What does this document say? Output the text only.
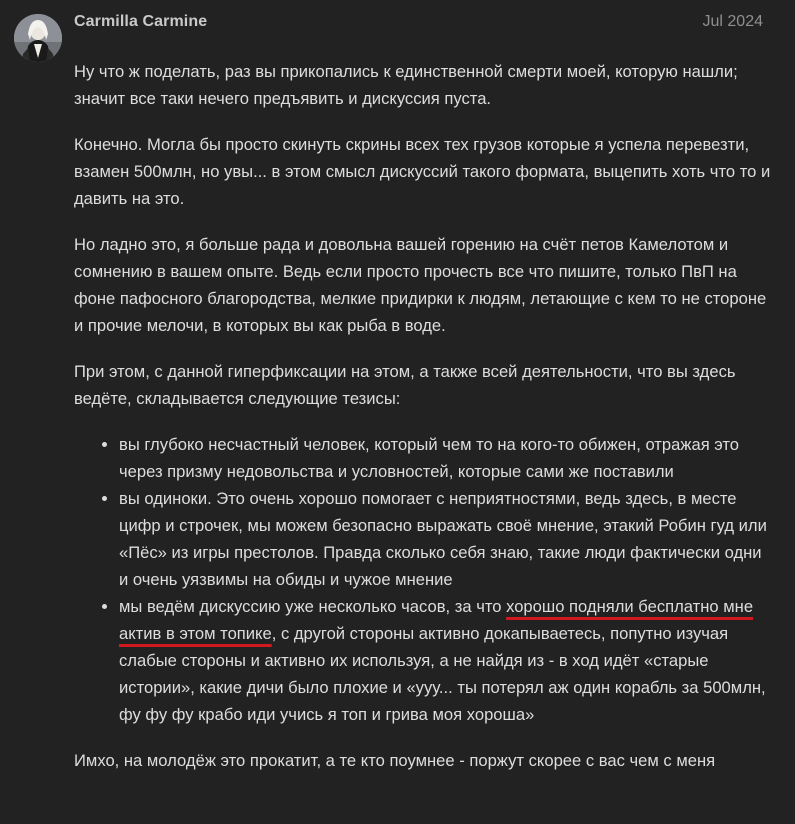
Carmilla Carmine	Jul 2024

Ну что ж поделать, раз вы прикопались к единственной смерти моей, которую нашли; значит все таки нечего предъявить и дискуссия пуста.

Конечно. Могла бы просто скинуть скрины всех тех грузов которые я успела перевезти, взамен 500млн, но увы... в этом смысл дискуссий такого формата, выцепить хоть что то и давить на это.

Но ладно это, я больше рада и довольна вашей горению на счёт петов Камелотом и сомнению в вашем опыте. Ведь если просто прочесть все что пишите, только ПвП на фоне пафосного благородства, мелкие придирки к людям, летающие с кем то не стороне и прочие мелочи, в которых вы как рыба в воде.

При этом, с данной гиперфиксации на этом, а также всей деятельности, что вы здесь ведёте, складывается следующие тезисы:

• вы глубоко несчастный человек, который чем то на кого-то обижен, отражая это через призму недовольства и условностей, которые сами же поставили
• вы одиноки. Это очень хорошо помогает с неприятностями, ведь здесь, в месте цифр и строчек, мы можем безопасно выражать своё мнение, этакий Робин гуд или «Пёс» из игры престолов. Правда сколько себя знаю, такие люди фактически одни и очень уязвимы на обиды и чужое мнение
• мы ведём дискуссию уже несколько часов, за что хорошо подняли бесплатно мне актив в этом топике, с другой стороны активно докапываетесь, попутно изучая слабые стороны и активно их используя, а не найдя из - в ход идёт «старые истории», какие дичи было плохие и «ууу... ты потерял аж один корабль за 500млн, фу фу фу крабо иди учись я топ и грива моя хороша»

Имхо, на молодёж это прокатит, а те кто поумнее - поржут скорее с вас чем с меня
